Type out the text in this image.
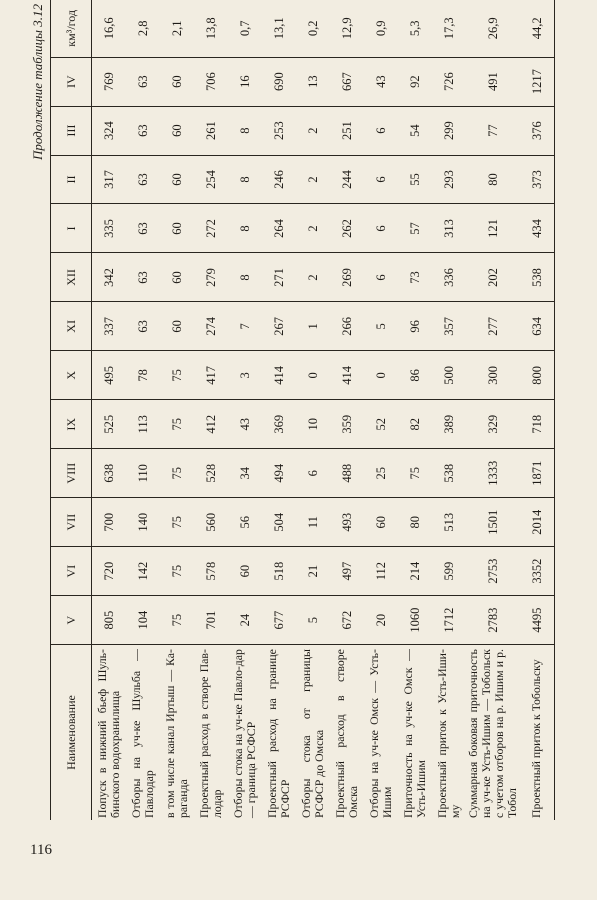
116
Продолжение таблицы 3.12
Наименование	V	VI	VII	VIII	IX	X	XI	XII	I	II	III	IV	км³/год
Попуск в нижний бьеф Шуль-бинского водохранилища	805	720	700	638	525	495	337	342	335	317	324	769	16,6
Отборы на уч-ке Шульба — Павлодар	104	142	140	110	113	78	63	63	63	63	63	63	2,8
в том числе канал Иртыш — Ка-раганда	75	75	75	75	75	75	60	60	60	60	60	60	2,1
Проектный расход в створе Пав-лодар	701	578	560	528	412	417	274	279	272	254	261	706	13,8
Отборы стока на уч-ке Павло-дар — граница РСФСР	24	60	56	34	43	3	7	8	8	8	8	16	0,7
Проектный расход на границе РСФСР	677	518	504	494	369	414	267	271	264	246	253	690	13,1
Отборы стока от границы РСФСР до Омска	5	21	11	6	10	0	1	2	2	2	2	13	0,2
Проектный расход в створе Омска	672	497	493	488	359	414	266	269	262	244	251	667	12,9
Отборы на уч-ке Омск — Усть-Ишим	20	112	60	25	52	0	5	6	6	6	6	43	0,9
Приточность на уч-ке Омск — Усть-Ишим	1060	214	80	75	82	86	96	73	57	55	54	92	5,3
Проектный приток к Усть-Иши-му	1712	599	513	538	389	500	357	336	313	293	299	726	17,3
Суммарная боковая приточность на уч-ке Усть-Ишим — Тобольск с учетом отборов на р. Ишим и р. Тобол	2783	2753	1501	1333	329	300	277	202	121	80	77	491	26,9
Проектный приток к Тобольску	4495	3352	2014	1871	718	800	634	538	434	373	376	1217	44,2
